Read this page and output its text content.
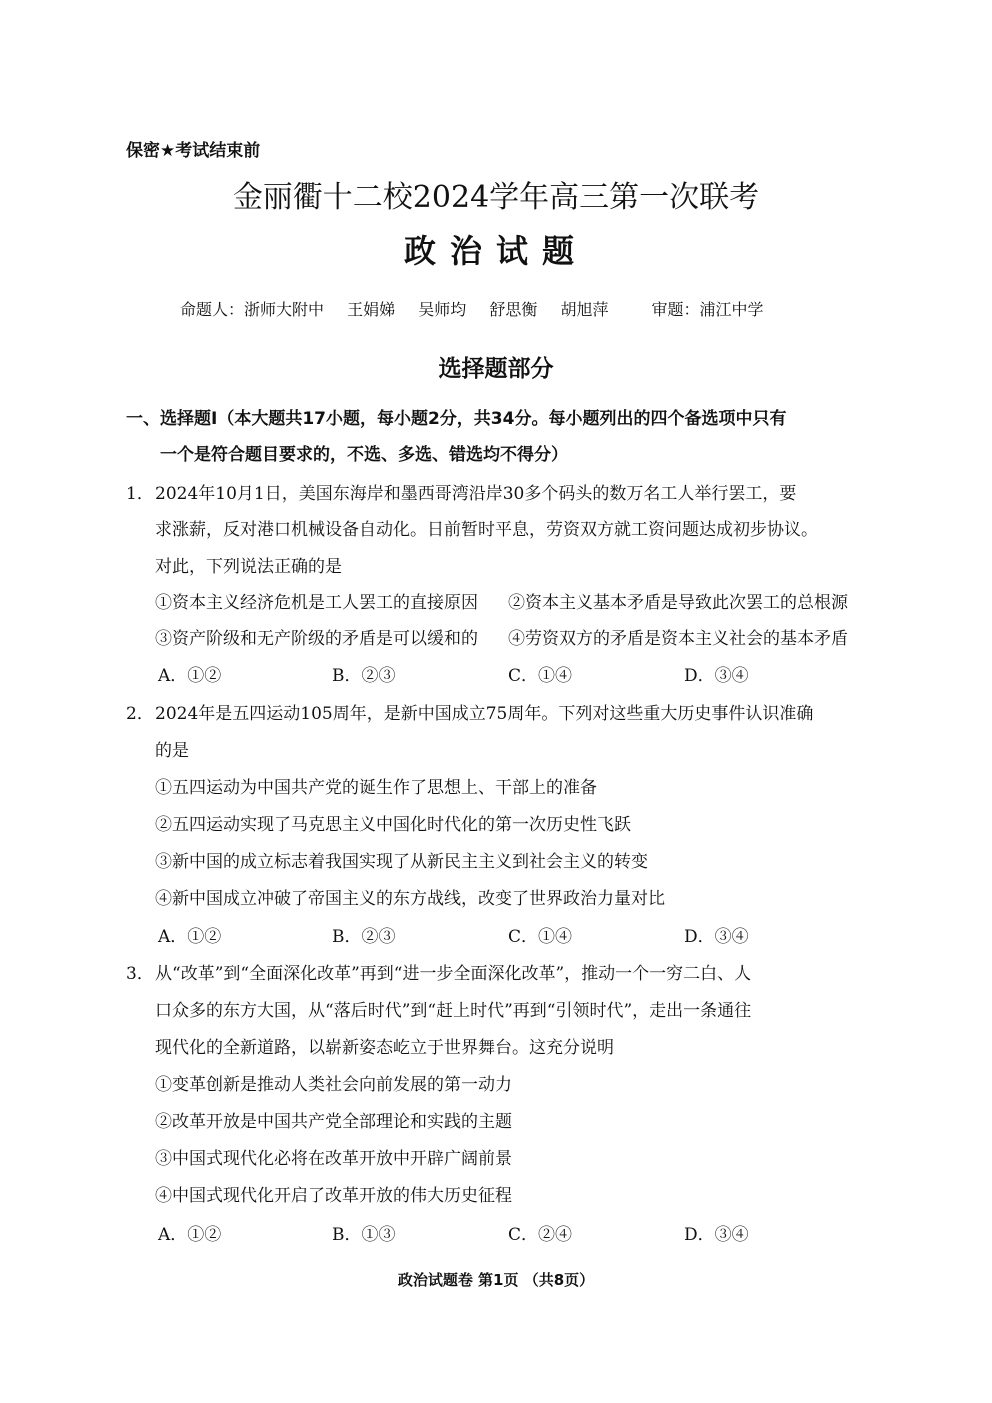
保密★考试结束前
金丽衢十二校2024学年高三第一次联考
政治试题
命题人：浙师大附中 王娟娣 吴师均 舒思衡 胡旭萍	审题：浦江中学
选择题部分
一、选择题Ⅰ（本大题共17小题，每小题2分，共34分。每小题列出的四个备选项中只有
一个是符合题目要求的，不选、多选、错选均不得分）
1． 2024年10月1日，美国东海岸和墨西哥湾沿岸30多个码头的数万名工人举行罢工，要
求涨薪，反对港口机械设备自动化。日前暂时平息，劳资双方就工资问题达成初步协议。
对此，下列说法正确的是
①资本主义经济危机是工人罢工的直接原因 ②资本主义基本矛盾是导致此次罢工的总根源
③资产阶级和无产阶级的矛盾是可以缓和的 ④劳资双方的矛盾是资本主义社会的基本矛盾
A．①②	B．②③	C．①④	D．③④
2． 2024年是五四运动105周年，是新中国成立75周年。下列对这些重大历史事件认识准确
的是
①五四运动为中国共产党的诞生作了思想上、干部上的准备
②五四运动实现了马克思主义中国化时代化的第一次历史性飞跃
③新中国的成立标志着我国实现了从新民主主义到社会主义的转变
④新中国成立冲破了帝国主义的东方战线，改变了世界政治力量对比
A．①②	B．②③	C．①④	D．③④
3． 从“改革”到“全面深化改革”再到“进一步全面深化改革”，推动一个一穷二白、人
口众多的东方大国，从“落后时代”到“赶上时代”再到“引领时代”，走出一条通往
现代化的全新道路，以崭新姿态屹立于世界舞台。这充分说明
①变革创新是推动人类社会向前发展的第一动力
②改革开放是中国共产党全部理论和实践的主题
③中国式现代化必将在改革开放中开辟广阔前景
④中国式现代化开启了改革开放的伟大历史征程
A．①②	B．①③	C．②④	D．③④
政治试题卷 第1页 （共8页）
